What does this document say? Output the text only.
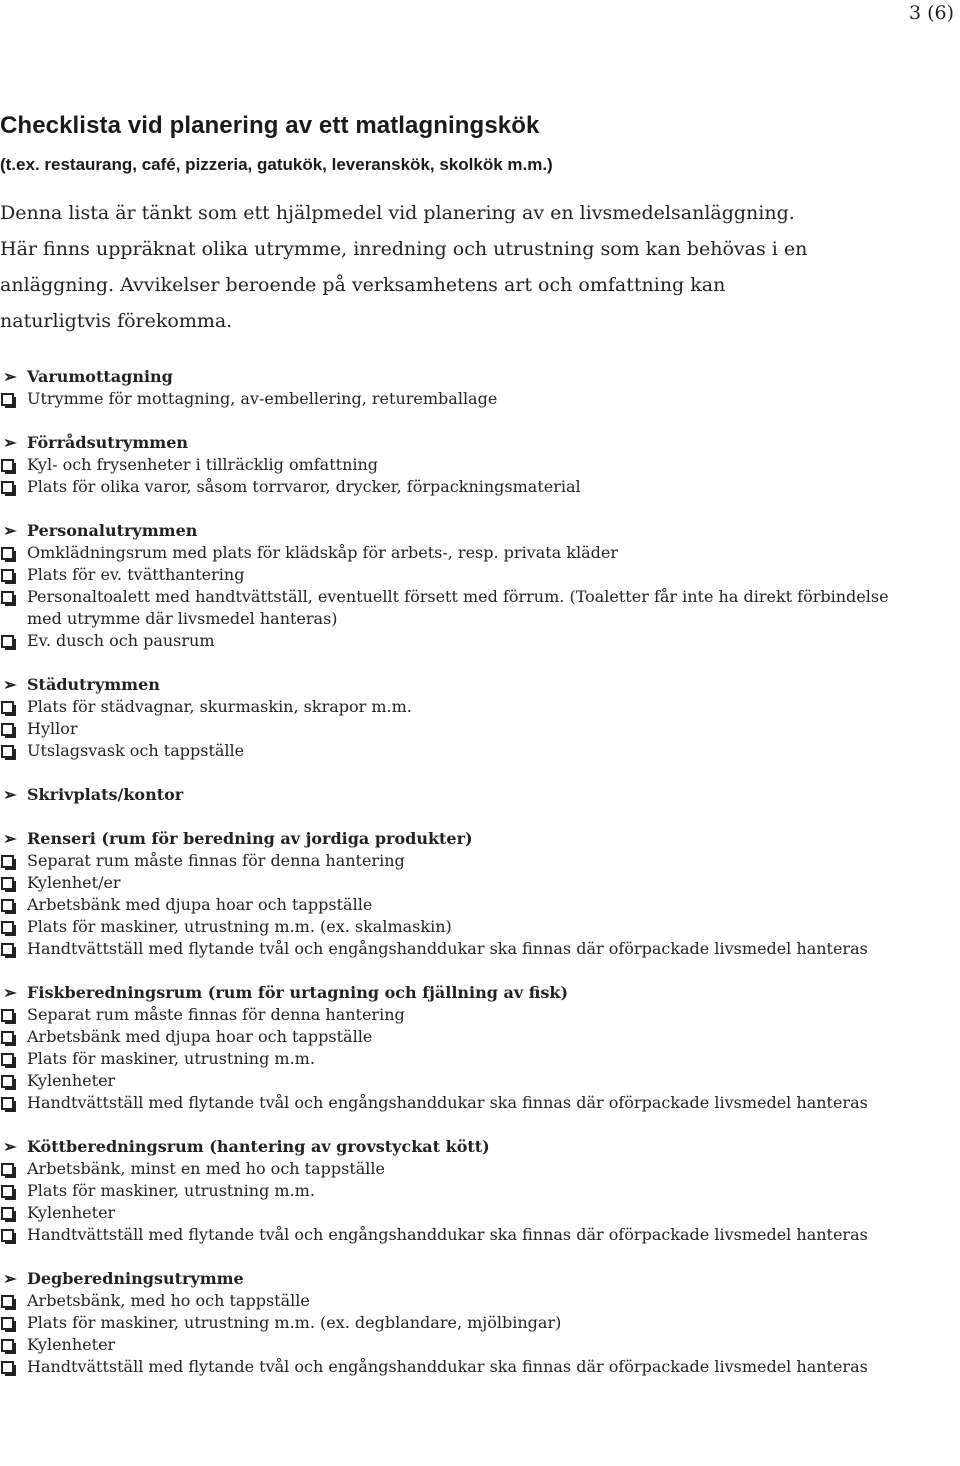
3 (6)
Checklista vid planering av ett matlagningskök
(t.ex. restaurang, café, pizzeria, gatukök, leveranskök, skolkök m.m.)
Denna lista är tänkt som ett hjälpmedel vid planering av en livsmedelsanläggning. Här finns uppräknat olika utrymme, inredning och utrustning som kan behövas i en anläggning. Avvikelser beroende på verksamhetens art och omfattning kan naturligtvis förekomma.
➢ Varumottagning
Utrymme för mottagning, av-embellering, returemballage
➢ Förrådsutrymmen
Kyl- och frysenheter i tillräcklig omfattning
Plats för olika varor, såsom torrvaror, drycker, förpackningsmaterial
➢ Personalutrymmen
Omklädningsrum med plats för klädskåp för arbets-, resp. privata kläder
Plats för ev. tvätthantering
Personaltoalett med handtvättställ, eventuellt försett med förrum. (Toaletter får inte ha direkt förbindelse med utrymme där livsmedel hanteras)
Ev. dusch och pausrum
➢ Städutrymmen
Plats för städvagnar, skurmaskin, skrapor m.m.
Hyllor
Utslagsvask och tappställe
➢ Skrivplats/kontor
➢ Renseri (rum för beredning av jordiga produkter)
Separat rum måste finnas för denna hantering
Kylenhet/er
Arbetsbänk med djupa hoar och tappställe
Plats för maskiner, utrustning m.m. (ex. skalmaskin)
Handtvättställ med flytande tvål och engångshanddukar ska finnas där oförpackade livsmedel hanteras
➢ Fiskberedningsrum (rum för urtagning och fjällning av fisk)
Separat rum måste finnas för denna hantering
Arbetsbänk med djupa hoar och tappställe
Plats för maskiner, utrustning m.m.
Kylenheter
Handtvättställ med flytande tvål och engångshanddukar ska finnas där oförpackade livsmedel hanteras
➢ Köttberedningsrum (hantering av grovstyckat kött)
Arbetsbänk, minst en med ho och tappställe
Plats för maskiner, utrustning m.m.
Kylenheter
Handtvättställ med flytande tvål och engångshanddukar ska finnas där oförpackade livsmedel hanteras
➢ Degberedningsutrymme
Arbetsbänk, med ho och tappställe
Plats för maskiner, utrustning m.m. (ex. degblandare, mjölbingar)
Kylenheter
Handtvättställ med flytande tvål och engångshanddukar ska finnas där oförpackade livsmedel hanteras
